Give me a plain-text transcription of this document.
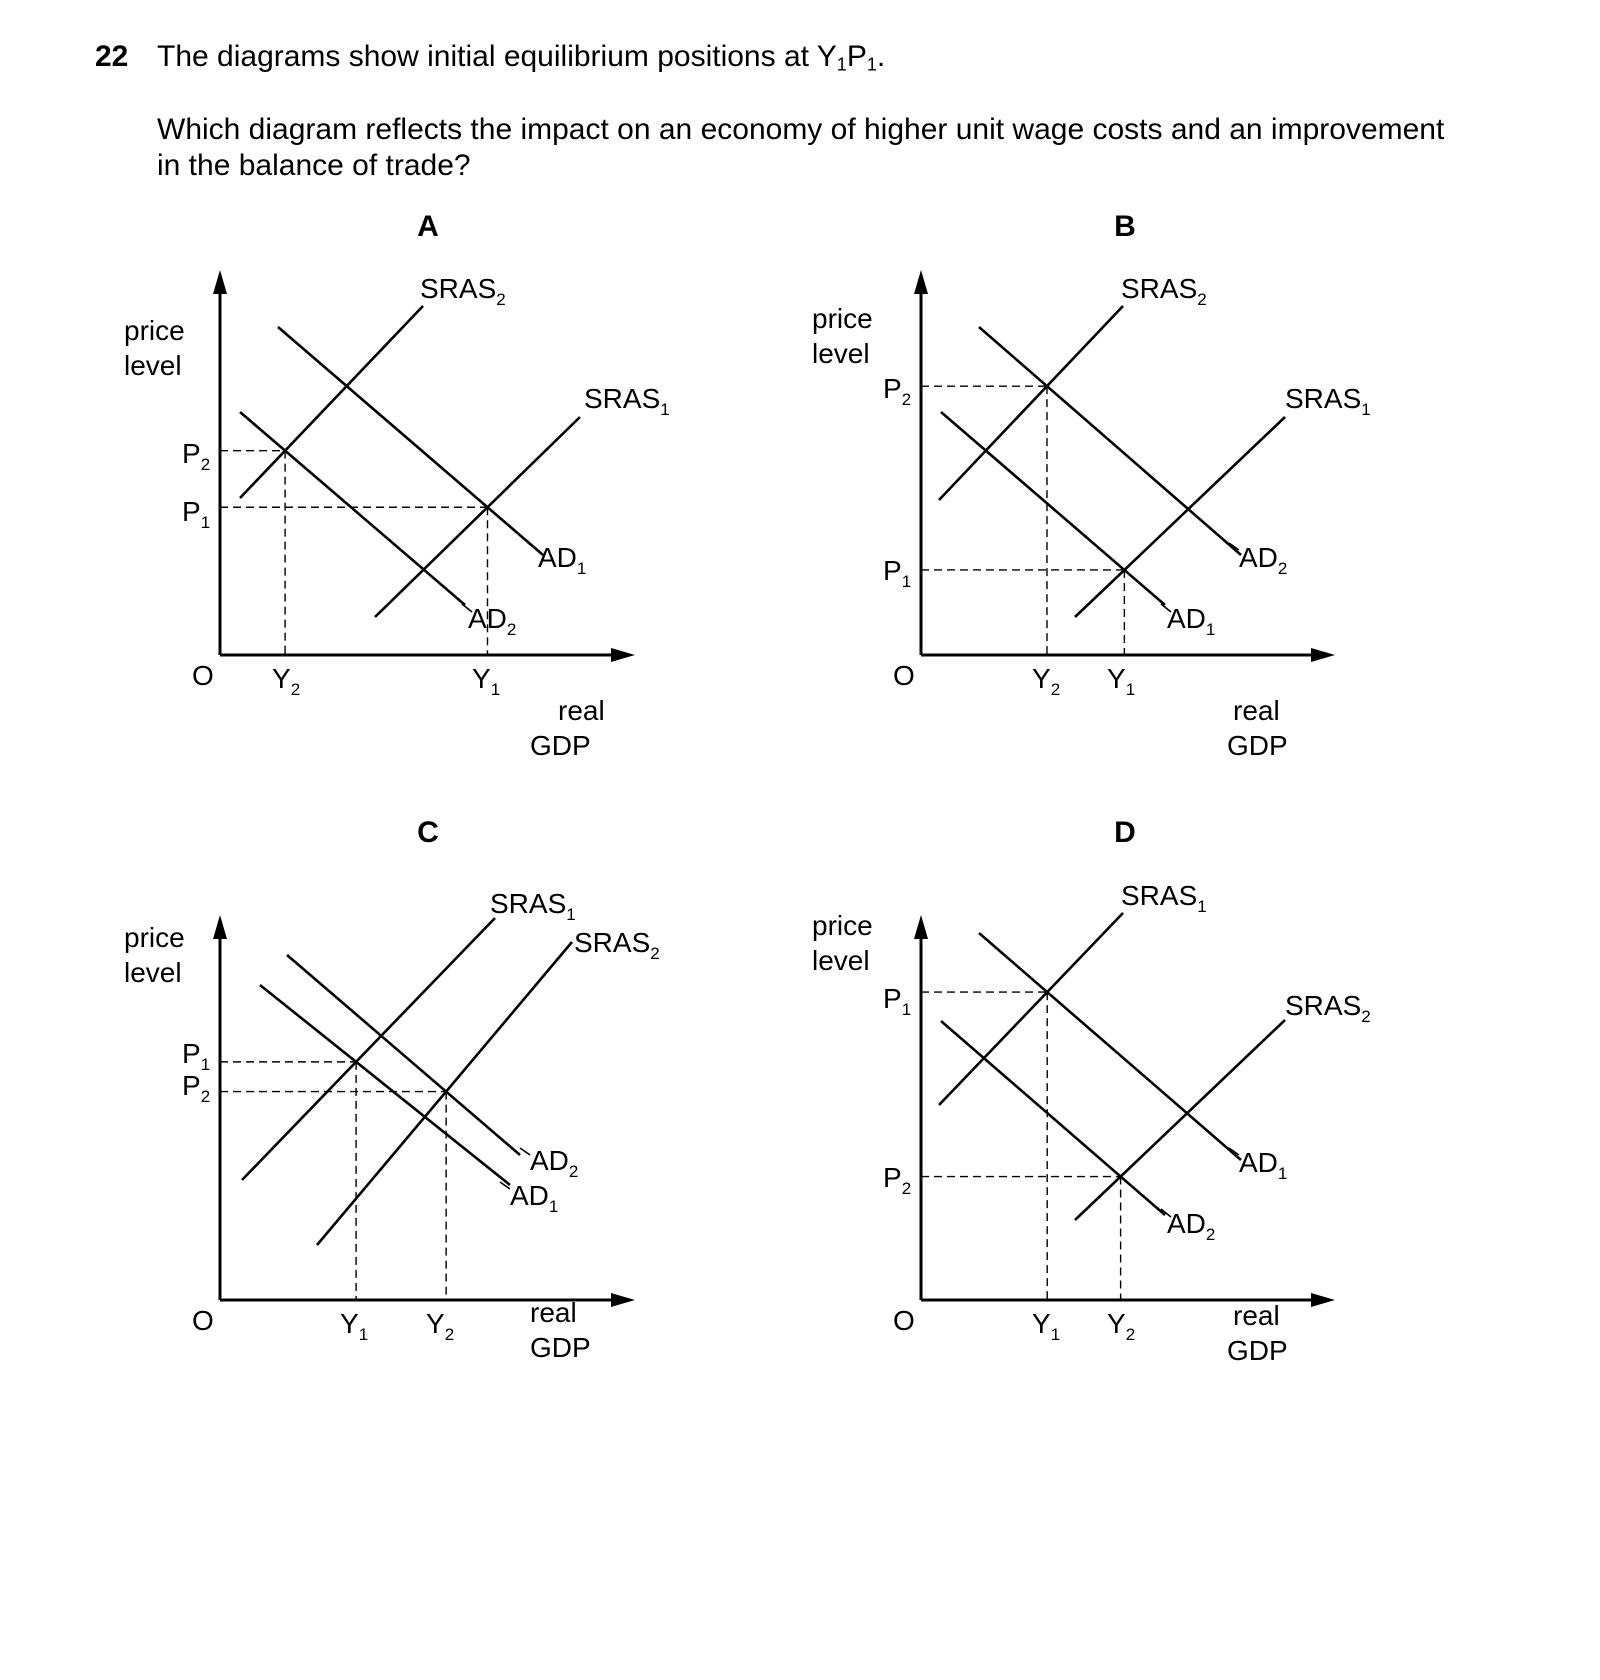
22 The diagrams show initial equilibrium positions at $Y_1P_1$.
Which diagram reflects the impact on an economy of higher unit wage costs and an improvement
in the balance of trade?
A
price
level
real
GDP
O
$SRAS_2$
$SRAS_1$
$AD_1$
$AD_2$
$P_2$
$P_1$
$Y_2$	$Y_1$
B
price
level
real
GDP
O
$SRAS_2$
$SRAS_1$
$AD_2$
$AD_1$
$P_2$
$P_1$
$Y_2$ $Y_1$
C
price
level
real
GDP
O
$SRAS_1$
$SRAS_2$
$AD_2$
$AD_1$
$P_1$
$P_2$
$Y_1$ $Y_2$
D
price
level
real
GDP
O
$SRAS_1$
$SRAS_2$
$AD_1$
$AD_2$
$P_1$
$P_2$
$Y_1$ $Y_2$
